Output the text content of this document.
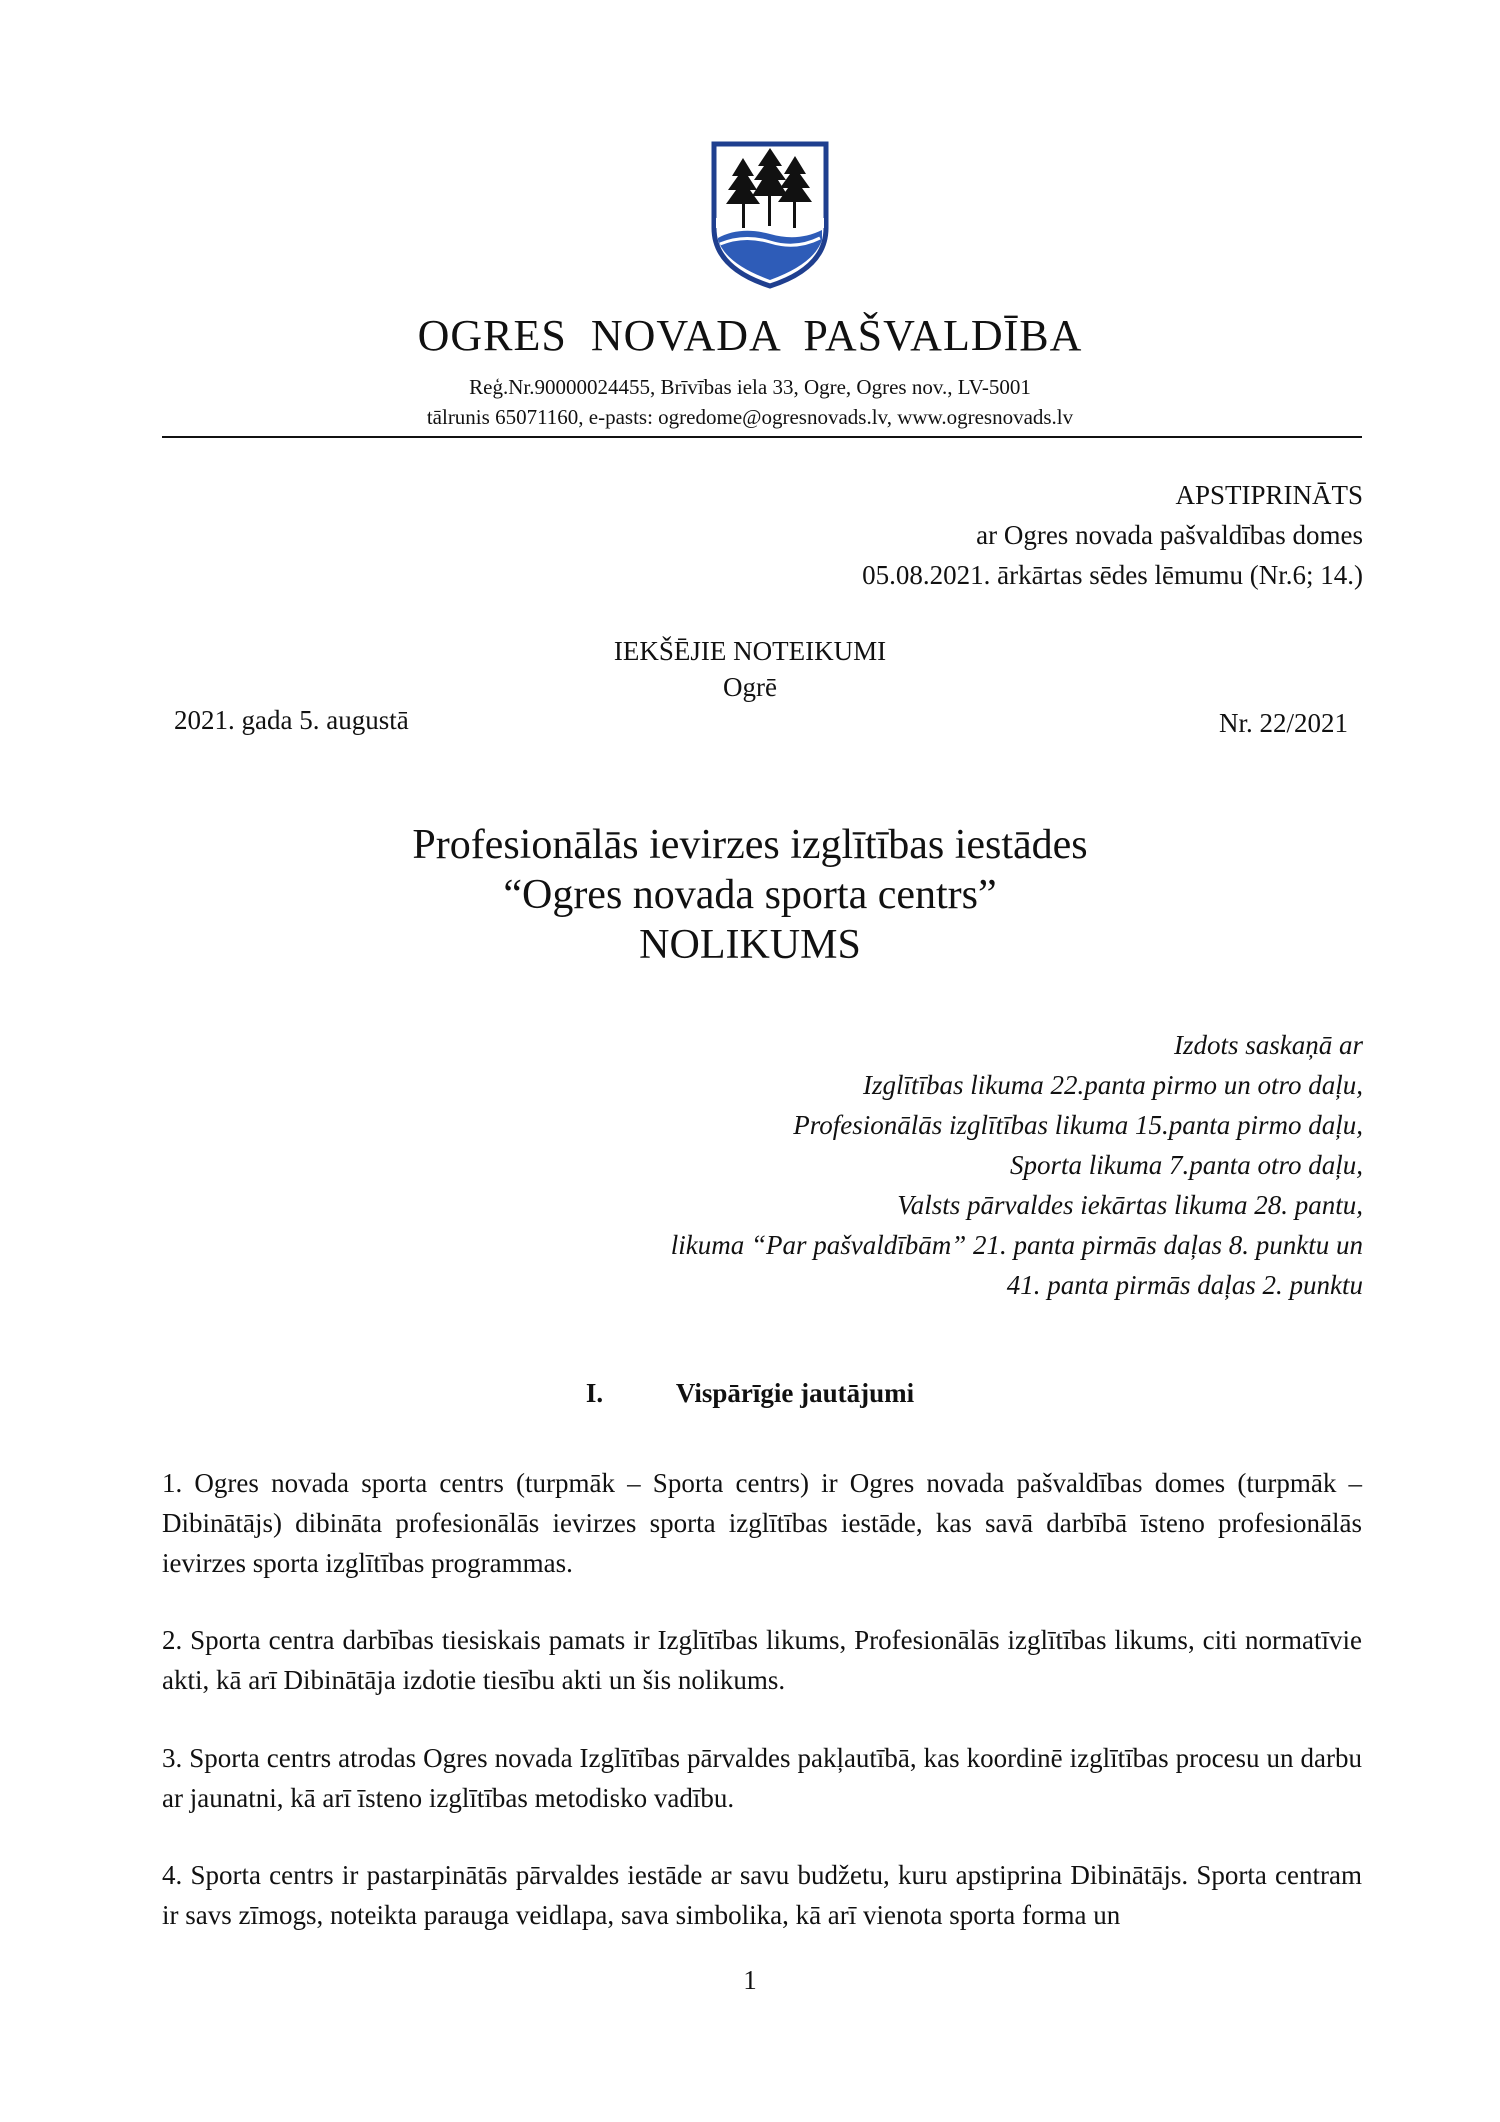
OGRES  NOVADA  PAŠVALDĪBA
Reģ.Nr.90000024455, Brīvības iela 33, Ogre, Ogres nov., LV-5001
tālrunis 65071160, e-pasts: ogredome@ogresnovads.lv, www.ogresnovads.lv
APSTIPRINĀTS
ar Ogres novada pašvaldības domes
05.08.2021. ārkārtas sēdes lēmumu (Nr.6; 14.)
IEKŠĒJIE NOTEIKUMI
Ogrē
2021. gada 5. augustā	Nr. 22/2021
Profesionālās ievirzes izglītības iestādes
“Ogres novada sporta centrs”
NOLIKUMS
Izdots saskaņā ar
Izglītības likuma 22.panta pirmo un otro daļu,
Profesionālās izglītības likuma 15.panta pirmo daļu,
Sporta likuma 7.panta otro daļu,
Valsts pārvaldes iekārtas likuma 28. pantu,
likuma “Par pašvaldībām” 21. panta pirmās daļas 8. punktu un
41. panta pirmās daļas 2. punktu
I.	Vispārīgie jautājumi
1. Ogres novada sporta centrs (turpmāk – Sporta centrs) ir Ogres novada pašvaldības domes (turpmāk – Dibinātājs) dibināta profesionālās ievirzes sporta izglītības iestāde, kas savā darbībā īsteno profesionālās ievirzes sporta izglītības programmas.
2. Sporta centra darbības tiesiskais pamats ir Izglītības likums, Profesionālās izglītības likums, citi normatīvie akti, kā arī Dibinātāja izdotie tiesību akti un šis nolikums.
3. Sporta centrs atrodas Ogres novada Izglītības pārvaldes pakļautībā, kas koordinē izglītības procesu un darbu ar jaunatni, kā arī īsteno izglītības metodisko vadību.
4. Sporta centrs ir pastarpinātās pārvaldes iestāde ar savu budžetu, kuru apstiprina Dibinātājs. Sporta centram ir savs zīmogs, noteikta parauga veidlapa, sava simbolika, kā arī vienota sporta forma un
1
